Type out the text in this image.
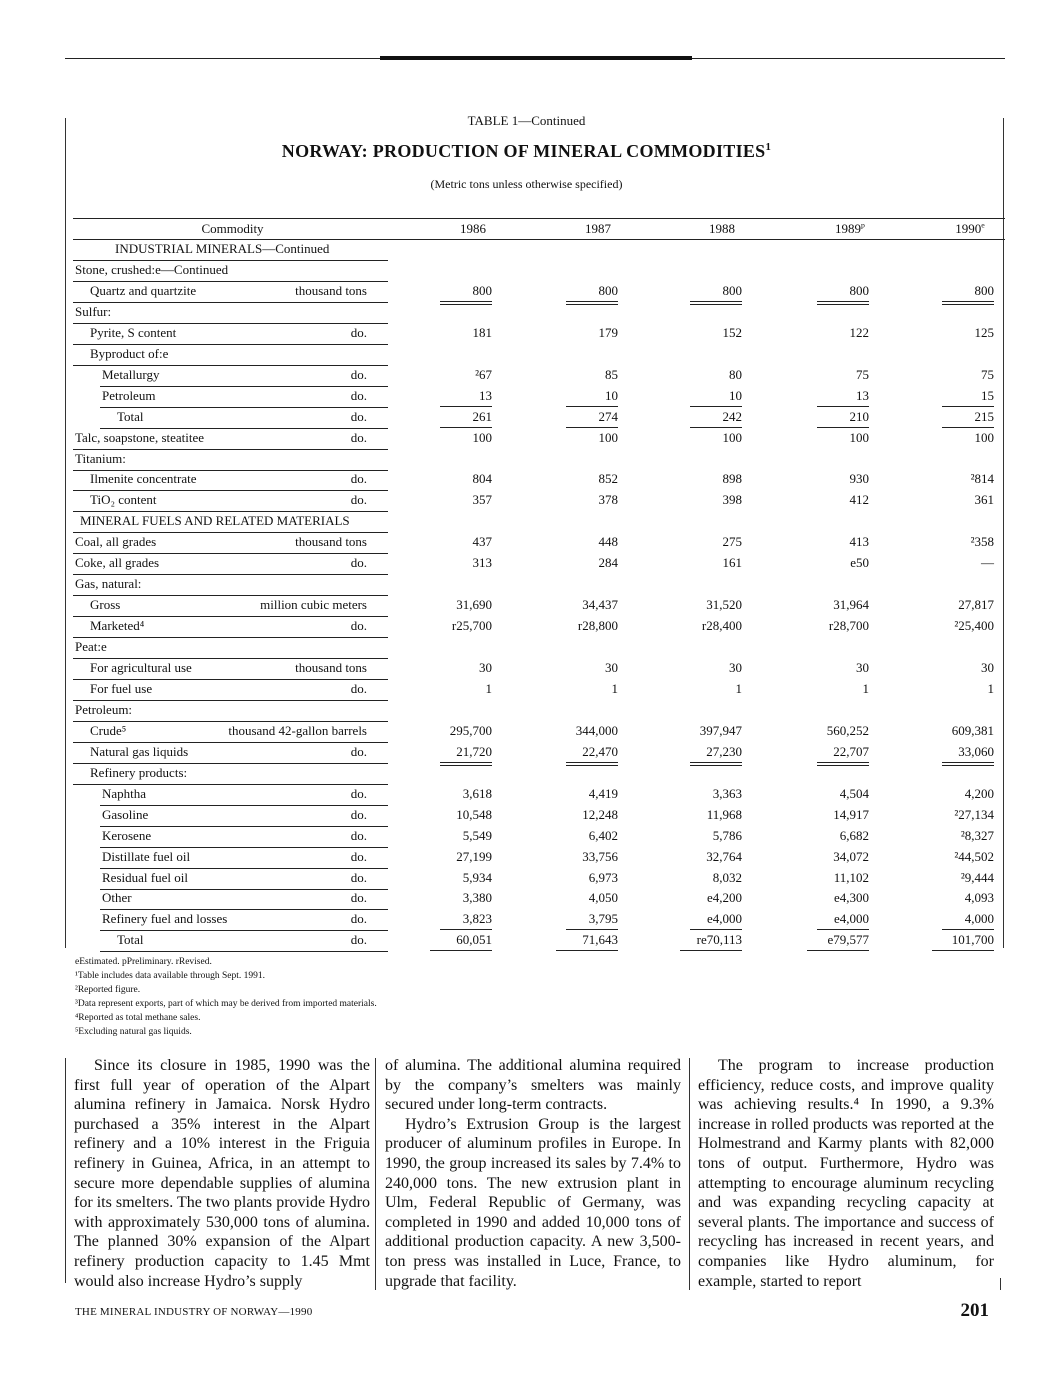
TABLE 1—Continued
NORWAY: PRODUCTION OF MINERAL COMMODITIES$^1$
(Metric tons unless otherwise specified)
Commodity	1986	1987	1988	1989$^p$	1990e
INDUSTRIAL MINERALS—Continued
Stone, crushed:e—Continued
Quartz and quartzite	thousand tons	800	800	800	800	800
Sulfur:
Pyrite, S content	do.	181	179	152	122	125
Byproduct of:e
Metallurgy	do.	²67	85	80	75	75
Petroleum	do.	13	10	10	13	15
Total	do.	261	274	242	210	215
Talc, soapstone, steatitee	do.	100	100	100	100	100
Titanium:
Ilmenite concentrate	do.	804	852	898	930	²814
TiO₂ content	do.	357	378	398	412	361
MINERAL FUELS AND RELATED MATERIALS
Coal, all grades	thousand tons	437	448	275	413	²358
Coke, all grades	do.	313	284	161	e50	—
Gas, natural:
Gross	million cubic meters	31,690	34,437	31,520	31,964	27,817
Marketed⁴	do.	r25,700	r28,800	r28,400	r28,700	²25,400
Peat:e
For agricultural use	thousand tons	30	30	30	30	30
For fuel use	do.	1	1	1	1	1
Petroleum:
Crude⁵	thousand 42-gallon barrels	295,700	344,000	397,947	560,252	609,381
Natural gas liquids	do.	21,720	22,470	27,230	22,707	33,060
Refinery products:
Naphtha	do.	3,618	4,419	3,363	4,504	4,200
Gasoline	do.	10,548	12,248	11,968	14,917	²27,134
Kerosene	do.	5,549	6,402	5,786	6,682	²8,327
Distillate fuel oil	do.	27,199	33,756	32,764	34,072	²44,502
Residual fuel oil	do.	5,934	6,973	8,032	11,102	²9,444
Other	do.	3,380	4,050	e4,200	e4,300	4,093
Refinery fuel and losses	do.	3,823	3,795	e4,000	e4,000	4,000
Total	do.	60,051	71,643	re70,113	e79,577	101,700
eEstimated. pPreliminary. rRevised.
¹Table includes data available through Sept. 1991.
²Reported figure.
³Data represent exports, part of which may be derived from imported materials.
⁴Reported as total methane sales.
⁵Excluding natural gas liquids.

Since its closure in 1985, 1990 was the first full year of operation of the Alpart alumina refinery in Jamaica. Norsk Hydro purchased a 35% interest in the Alpart refinery and a 10% interest in the Friguia refinery in Guinea, Africa, in an attempt to secure more dependable supplies of alumina for its smelters. The two plants provide Hydro with approximately 530,000 tons of alumina. The planned 30% expansion of the Alpart refinery production capacity to 1.45 Mmt would also increase Hydro’s supply

of alumina. The additional alumina required by the company’s smelters was mainly secured under long-term contracts.

Hydro’s Extrusion Group is the largest producer of aluminum profiles in Europe. In 1990, the group increased its sales by 7.4% to 240,000 tons. The new extrusion plant in Ulm, Federal Republic of Germany, was completed in 1990 and added 10,000 tons of additional production capacity. A new 3,500-ton press was installed in Luce, France, to upgrade that facility.

The program to increase production efficiency, reduce costs, and improve quality was achieving results.⁴ In 1990, a 9.3% increase in rolled products was reported at the Holmestrand and Karmy plants with 82,000 tons of output. Furthermore, Hydro was attempting to encourage aluminum recycling and was expanding recycling capacity at several plants. The importance and success of recycling has increased in recent years, and companies like Hydro aluminum, for example, started to report

THE MINERAL INDUSTRY OF NORWAY—1990	201
